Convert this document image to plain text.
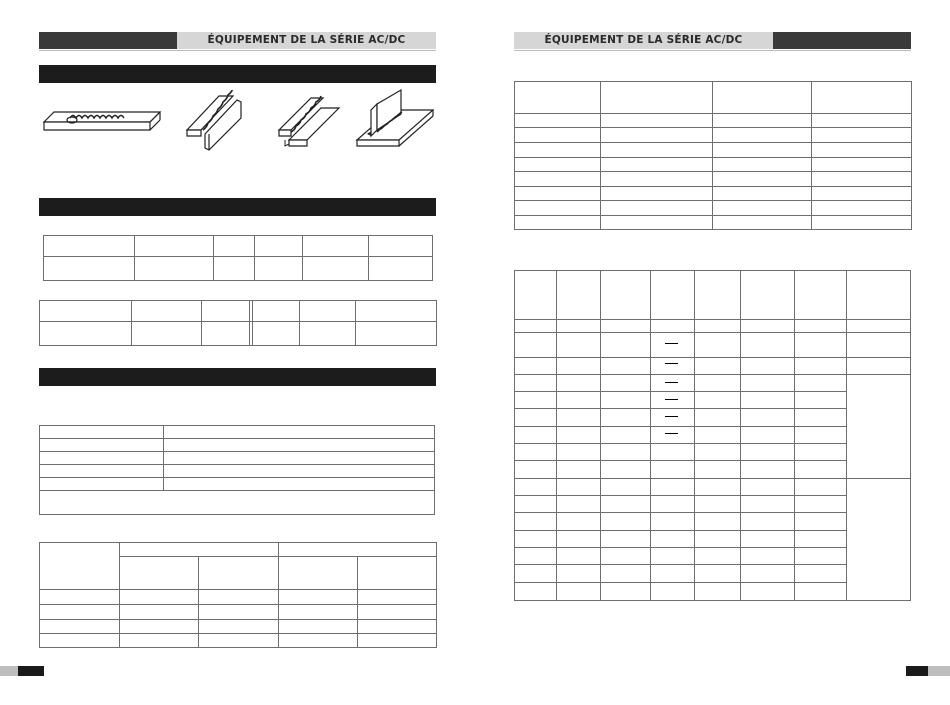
ÉQUIPEMENT DE LA SÉRIE AC/DC

					ÉQUIPEMENT DE LA SÉRIE AC/DC
